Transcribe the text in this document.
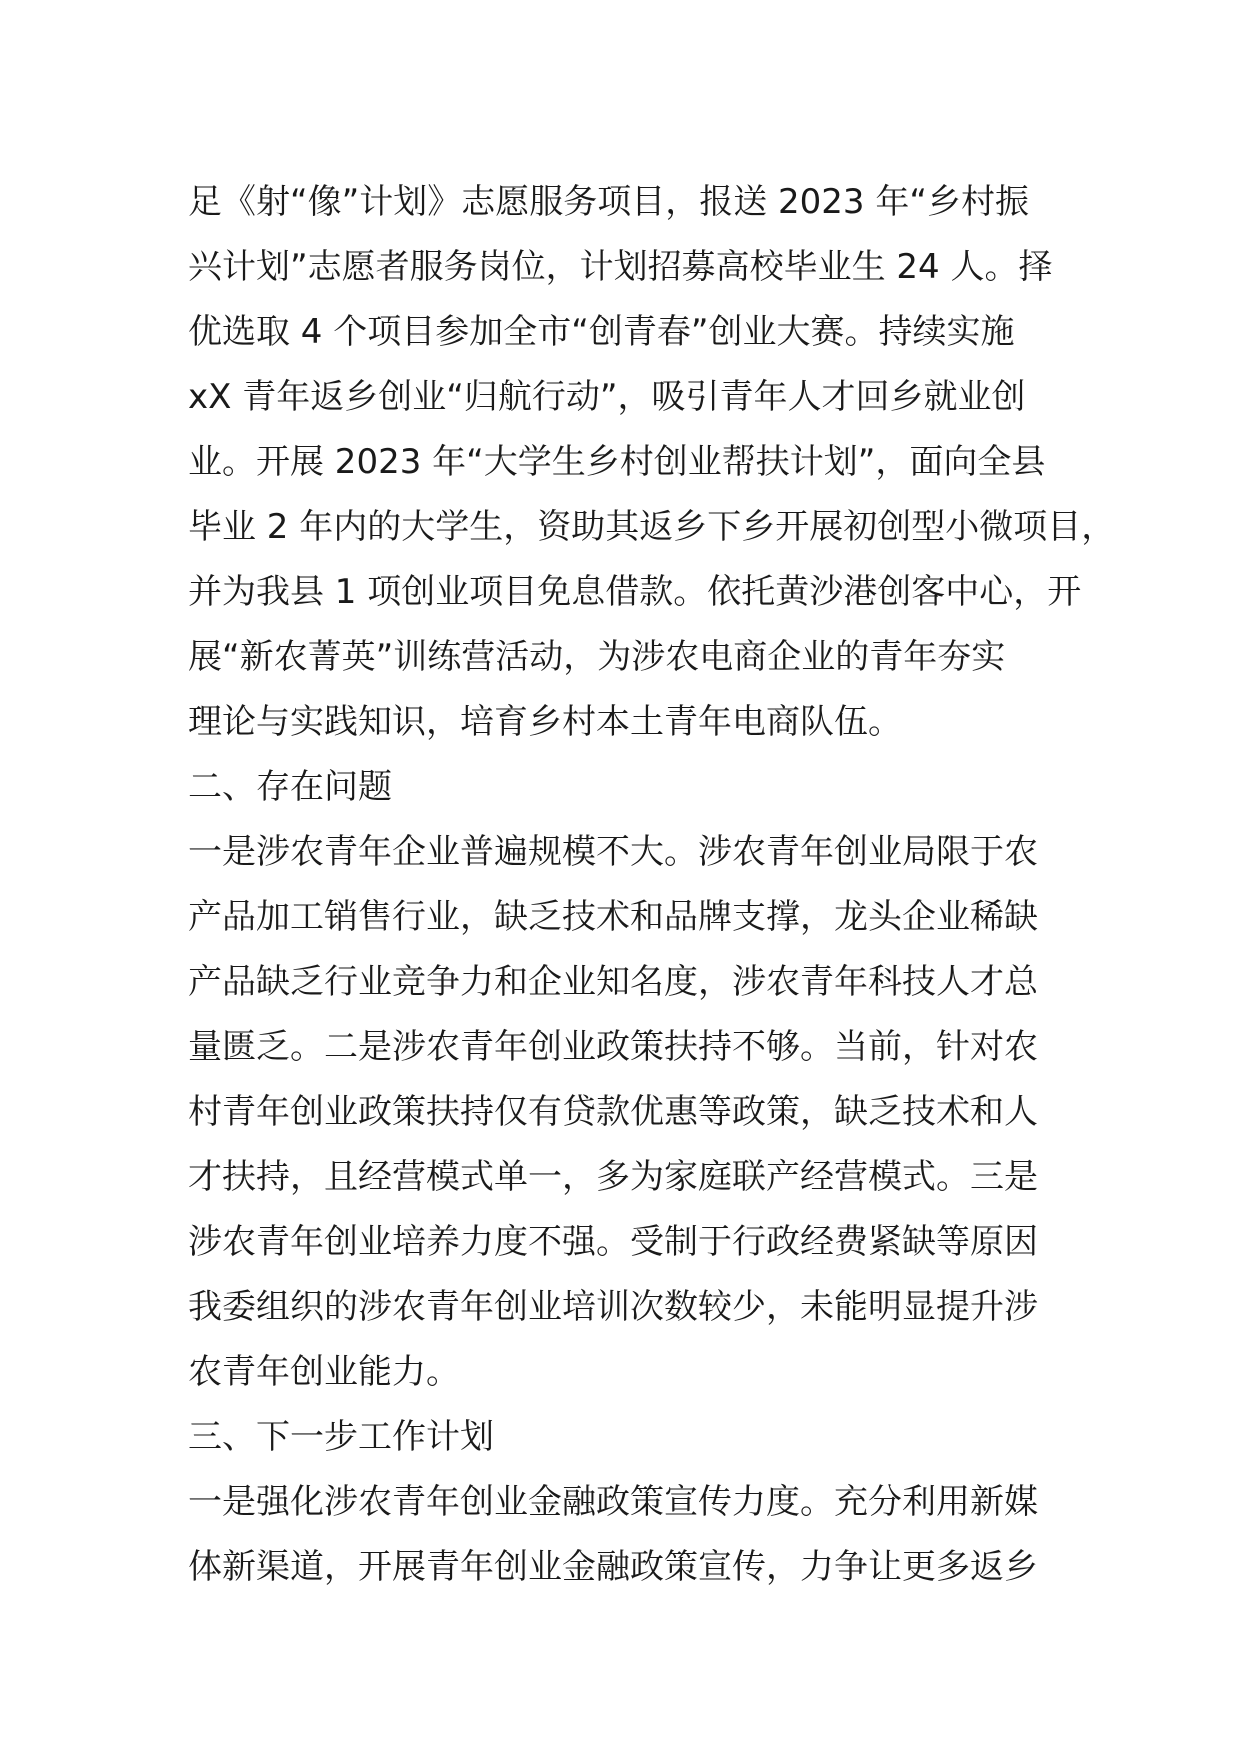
足《射“像”计划》志愿服务项目，报送 2023 年“乡村振
兴计划”志愿者服务岗位，计划招募高校毕业生 24 人。择
优选取 4 个项目参加全市“创青春”创业大赛。持续实施
xX 青年返乡创业“归航行动”，吸引青年人才回乡就业创
业。开展 2023 年“大学生乡村创业帮扶计划”，面向全县
毕业 2 年内的大学生，资助其返乡下乡开展初创型小微项目，
并为我县 1 项创业项目免息借款。依托黄沙港创客中心，开
展“新农菁英”训练营活动，为涉农电商企业的青年夯实
理论与实践知识，培育乡村本土青年电商队伍。
二、存在问题
一是涉农青年企业普遍规模不大。涉农青年创业局限于农
产品加工销售行业，缺乏技术和品牌支撑，龙头企业稀缺
产品缺乏行业竞争力和企业知名度，涉农青年科技人才总
量匮乏。二是涉农青年创业政策扶持不够。当前，针对农
村青年创业政策扶持仅有贷款优惠等政策，缺乏技术和人
才扶持，且经营模式单一，多为家庭联产经营模式。三是
涉农青年创业培养力度不强。受制于行政经费紧缺等原因
我委组织的涉农青年创业培训次数较少，未能明显提升涉
农青年创业能力。
三、下一步工作计划
一是强化涉农青年创业金融政策宣传力度。充分利用新媒
体新渠道，开展青年创业金融政策宣传，力争让更多返乡
